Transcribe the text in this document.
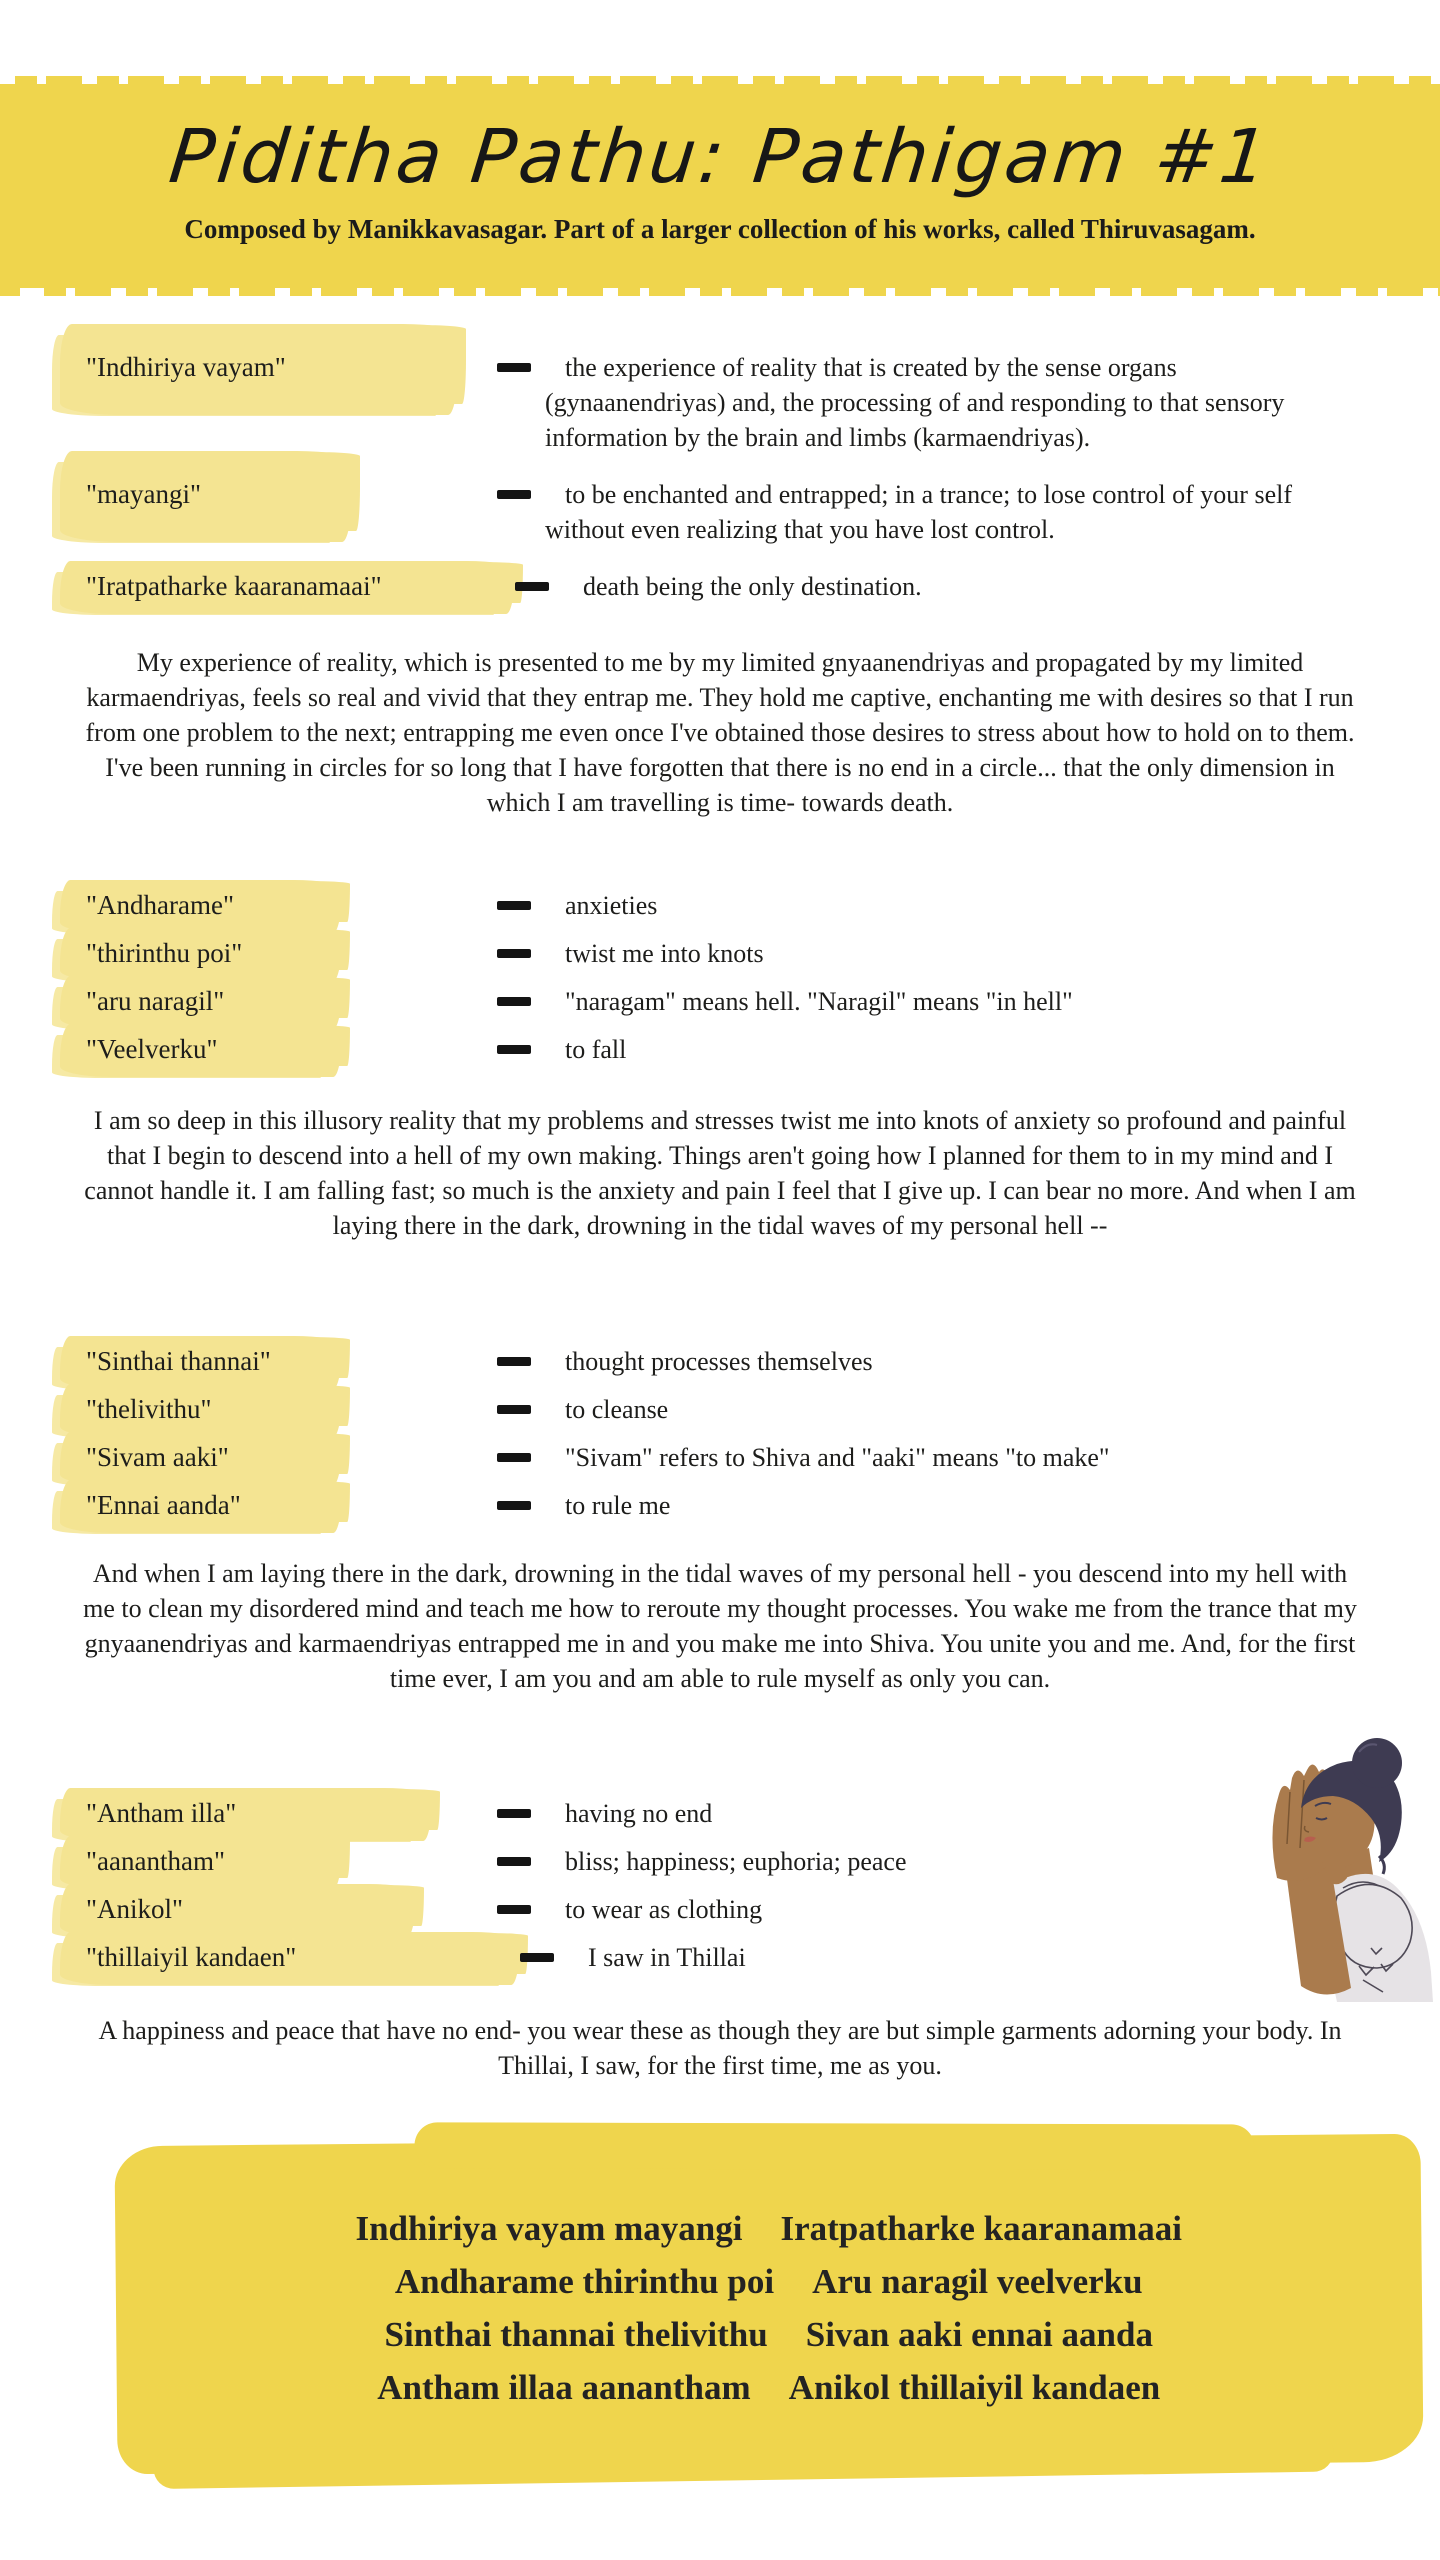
Piditha Pathu: Pathigam #1

Composed by Manikkavasagar. Part of a larger collection of his works, called Thiruvasagam.

"Indhiriya vayam"	the experience of reality that is created by the sense organs (gynaanendriyas) and, the processing of and responding to that sensory information by the brain and limbs (karmaendriyas).
"mayangi"	to be enchanted and entrapped; in a trance; to lose control of your self without even realizing that you have lost control.
"Iratpatharke kaaranamaai"	death being the only destination.

My experience of reality, which is presented to me by my limited gnyaanendriyas and propagated by my limited karmaendriyas, feels so real and vivid that they entrap me. They hold me captive, enchanting me with desires so that I run from one problem to the next; entrapping me even once I've obtained those desires to stress about how to hold on to them. I've been running in circles for so long that I have forgotten that there is no end in a circle... that the only dimension in which I am travelling is time- towards death.

"Andharame"	anxieties
"thirinthu poi"	twist me into knots
"aru naragil"	"naragam" means hell. "Naragil" means "in hell"
"Veelverku"	to fall

I am so deep in this illusory reality that my problems and stresses twist me into knots of anxiety so profound and painful that I begin to descend into a hell of my own making. Things aren't going how I planned for them to in my mind and I cannot handle it. I am falling fast; so much is the anxiety and pain I feel that I give up. I can bear no more. And when I am laying there in the dark, drowning in the tidal waves of my personal hell --

"Sinthai thannai"	thought processes themselves
"thelivithu"	to cleanse
"Sivam aaki"	"Sivam" refers to Shiva and "aaki" means "to make"
"Ennai aanda"	to rule me

And when I am laying there in the dark, drowning in the tidal waves of my personal hell - you descend into my hell with me to clean my disordered mind and teach me how to reroute my thought processes. You wake me from the trance that my gnyaanendriyas and karmaendriyas entrapped me in and you make me into Shiva. You unite you and me. And, for the first time ever, I am you and am able to rule myself as only you can.

"Antham illa"	having no end
"aanantham"	bliss; happiness; euphoria; peace
"Anikol"	to wear as clothing
"thillaiyil kandaen"	I saw in Thillai

A happiness and peace that have no end- you wear these as though they are but simple garments adorning your body. In Thillai, I saw, for the first time, me as you.

Indhiriya vayam mayangi Iratpatharke kaaranamaai
Andharame thirinthu poi Aru naragil veelverku
Sinthai thannai thelivithu Sivan aaki ennai aanda
Antham illaa aanantham Anikol thillaiyil kandaen
